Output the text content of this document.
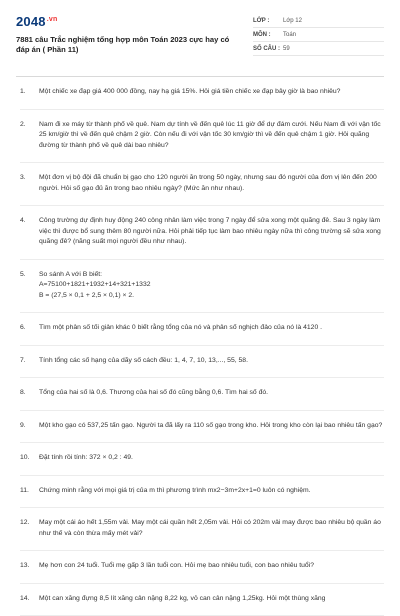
$2048^{.vn}$
7881 câu Trắc nghiệm tổng hợp môn Toán 2023 cực hay có đáp án ( Phần 11)
LỚP :	Lớp 12
MÔN :	Toán
SỐ CÂU : 59
1.	Một chiếc xe đạp giá 400 000 đồng, nay hạ giá 15%. Hỏi giá tiền chiếc xe đạp bây giờ là bao nhiêu?
2.	Nam đi xe máy từ thành phố về quê. Nam dự tính về đến quê lúc 11 giờ để dự đám cưới. Nếu Nam đi với vận tốc 25 km/giờ thì về đến quê chậm 2 giờ. Còn nếu đi với vận tốc 30 km/giờ thì về đến quê chậm 1 giờ. Hỏi quãng đường từ thành phố về quê dài bao nhiêu?
3.	Một đơn vị bộ đội đã chuẩn bị gạo cho 120 người ăn trong 50 ngày, nhưng sau đó người của đơn vị lên đến 200 người. Hỏi số gạo đủ ăn trong bao nhiêu ngày? (Mức ăn như nhau).
4.	Công trường dự định huy động 240 công nhân làm việc trong 7 ngày để sửa xong một quãng đê. Sau 3 ngày làm việc thì được bổ sung thêm 80 người nữa. Hỏi phải tiếp tục làm bao nhiêu ngày nữa thì công trường sẽ sửa xong quãng đê? (năng suất mọi người đều như nhau).
5.	So sánh A với B biết:
A=75100+1821+1932+14+321+1332
B = (27,5 × 0,1 + 2,5 × 0,1) × 2.
6.	Tìm một phân số tối giản khác 0 biết rằng tổng của nó và phân số nghịch đảo của nó là 4120 .
7.	Tính tổng các số hạng của dãy số cách đều: 1, 4, 7, 10, 13,..., 55, 58.
8.	Tổng của hai số là 0,6. Thương của hai số đó cũng bằng 0,6. Tìm hai số đó.
9.	Một kho gạo có 537,25 tấn gạo. Người ta đã lấy ra 110 số gạo trong kho. Hỏi trong kho còn lại bao nhiêu tấn gạo?
10.	Đặt tính rồi tính: 372 × 0,2 : 49.
11.	Chứng minh rằng với mọi giá trị của m thì phương trình mx2−3m+2x+1=0 luôn có nghiệm.
12.	May một cái áo hết 1,55m vải. May một cái quần hết 2,05m vải. Hỏi có 202m vải may được bao nhiêu bộ quần áo như thế và còn thừa mấy mét vải?
13.	Mẹ hơn con 24 tuổi. Tuổi mẹ gấp 3 lần tuổi con. Hỏi mẹ bao nhiêu tuổi, con bao nhiêu tuổi?
14.	Một can xăng đựng 8,5 lít xăng cân nặng 8,22 kg, vỏ can cân nặng 1,25kg. Hỏi một thùng xăng
